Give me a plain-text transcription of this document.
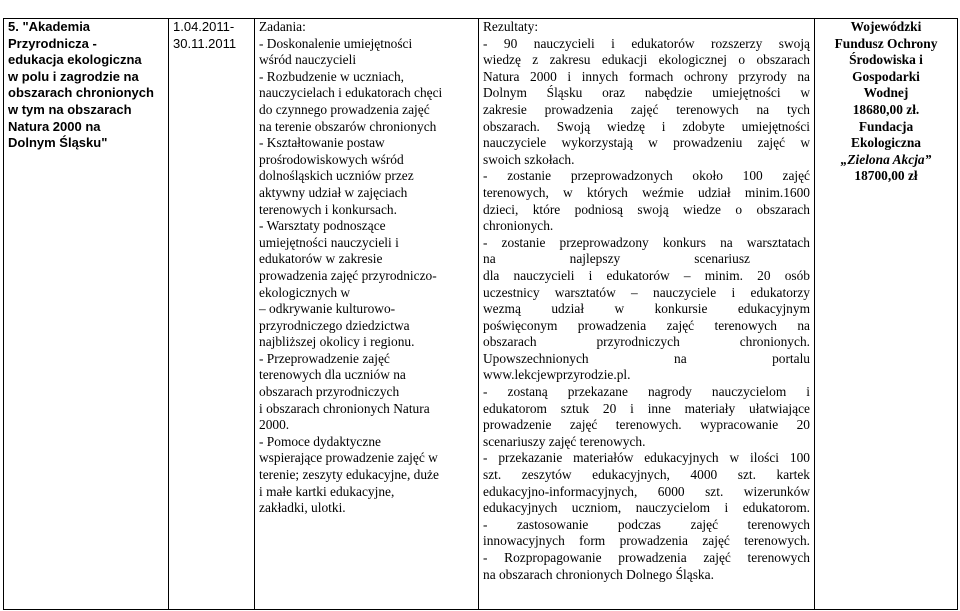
5. "Akademia
Przyrodnicza -
edukacja ekologiczna
w polu i zagrodzie na
obszarach chronionych
w tym na obszarach
Natura 2000 na
Dolnym Śląsku"

1.04.2011-
30.11.2011

Zadania:
- Doskonalenie umiejętności
wśród nauczycieli
- Rozbudzenie w uczniach,
nauczycielach i edukatorach chęci
do czynnego prowadzenia zajęć
na terenie obszarów chronionych
- Kształtowanie postaw
prośrodowiskowych wśród
dolnośląskich uczniów przez
aktywny udział w zajęciach
terenowych i konkursach.
- Warsztaty podnoszące
umiejętności nauczycieli i
edukatorów w zakresie
prowadzenia zajęć przyrodniczo-
ekologicznych w
– odkrywanie kulturowo-
przyrodniczego dziedzictwa
najbliższej okolicy i regionu.
- Przeprowadzenie zajęć
terenowych dla uczniów na
obszarach przyrodniczych
i obszarach chronionych Natura
2000.
- Pomoce dydaktyczne
wspierające prowadzenie zajęć w
terenie; zeszyty edukacyjne, duże
i małe kartki edukacyjne,
zakładki, ulotki.

Rezultaty:
- 90 nauczycieli i edukatorów rozszerzy swoją
wiedzę z zakresu edukacji ekologicznej o obszarach
Natura 2000 i innych formach ochrony przyrody na
Dolnym Śląsku oraz nabędzie umiejętności w
zakresie prowadzenia zajęć terenowych na tych
obszarach. Swoją wiedzę i zdobyte umiejętności
nauczyciele wykorzystają w prowadzeniu zajęć w
swoich szkołach.
- zostanie przeprowadzonych około 100 zajęć
terenowych, w których weźmie udział minim.1600
dzieci, które podniosą swoją wiedze o obszarach
chronionych.
- zostanie przeprowadzony konkurs na warsztatach
na najlepszy scenariusz
dla nauczycieli i edukatorów – minim. 20 osób
uczestnicy warsztatów – nauczyciele i edukatorzy
wezmą udział w konkursie edukacyjnym
poświęconym prowadzenia zajęć terenowych na
obszarach przyrodniczych chronionych.
Upowszechnionych na portalu
www.lekcjewprzyrodzie.pl.
- zostaną przekazane nagrody nauczycielom i
edukatorom sztuk 20 i inne materiały ułatwiające
prowadzenie zajęć terenowych. wypracowanie 20
scenariuszy zajęć terenowych.
- przekazanie materiałów edukacyjnych w ilości 100
szt. zeszytów edukacyjnych, 4000 szt. kartek
edukacyjno-informacyjnych, 6000 szt. wizerunków
edukacyjnych uczniom, nauczycielom i edukatorom.
- zastosowanie podczas zajęć terenowych
innowacyjnych form prowadzenia zajęć terenowych.
- Rozpropagowanie prowadzenia zajęć terenowych
na obszarach chronionych Dolnego Śląska.

Wojewódzki
Fundusz Ochrony
Środowiska i
Gospodarki
Wodnej
18680,00 zł.
Fundacja
Ekologiczna
„Zielona Akcja”
18700,00 zł
